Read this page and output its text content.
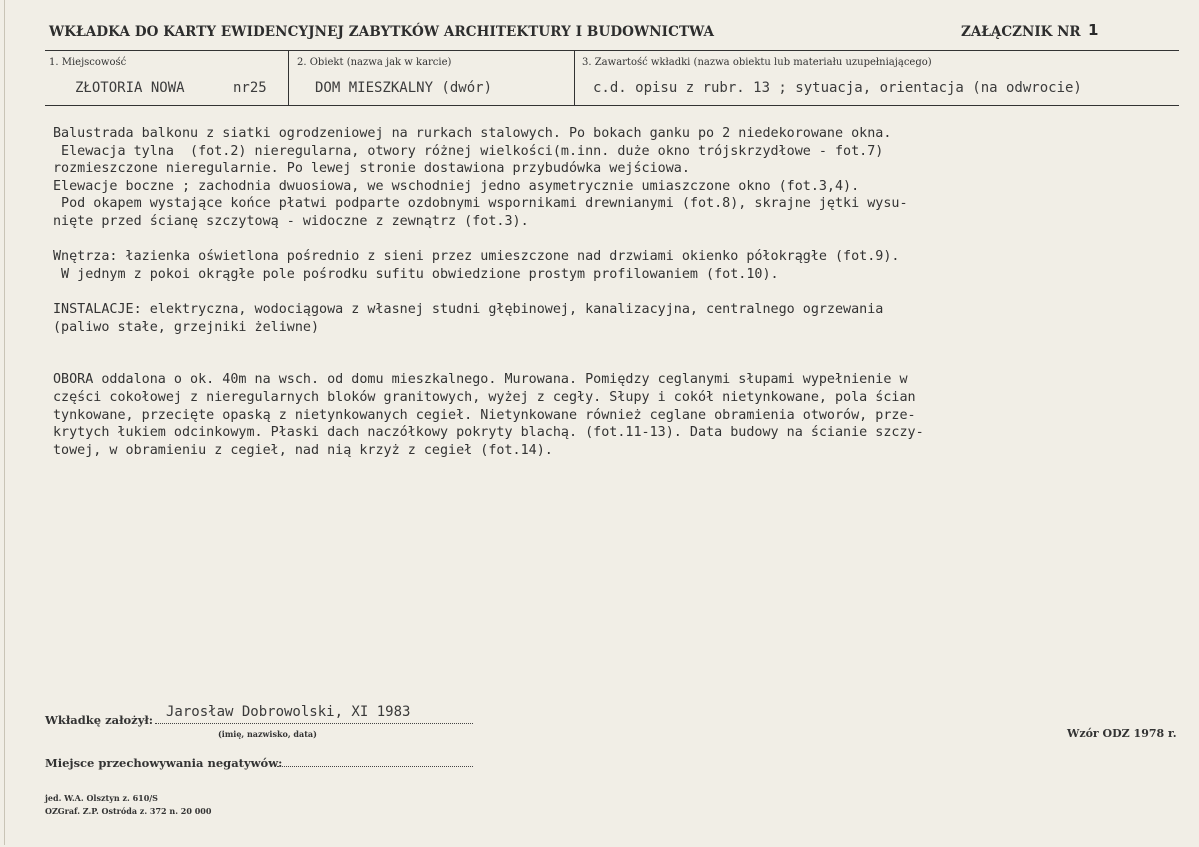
WKŁADKA DO KARTY EWIDENCYJNEJ ZABYTKÓW ARCHITEKTURY I BUDOWNICTWA	ZAŁĄCZNIK NR 1
1. Miejscowość
ZŁOTORIA NOWA	nr25
2. Obiekt (nazwa jak w karcie)
DOM MIESZKALNY (dwór)
3. Zawartość wkładki (nazwa obiektu lub materiału uzupełniającego)
c.d. opisu z rubr. 13 ; sytuacja, orientacja (na odwrocie)
Balustrada balkonu z siatki ogrodzeniowej na rurkach stalowych. Po bokach ganku po 2 niedekorowane okna.
Elewacja tylna  (fot.2) nieregularna, otwory różnej wielkości(m.inn. duże okno trójskrzydłowe - fot.7)
rozmieszczone nieregularnie. Po lewej stronie dostawiona przybudówka wejściowa.
Elewacje boczne ; zachodnia dwuosiowa, we wschodniej jedno asymetrycznie umiaszczone okno (fot.3,4).
Pod okapem wystające końce płatwi podparte ozdobnymi wspornikami drewnianymi (fot.8), skrajne jętki wysu-
nięte przed ścianę szczytową - widoczne z zewnątrz (fot.3).
Wnętrza: łazienka oświetlona pośrednio z sieni przez umieszczone nad drzwiami okienko półokrągłe (fot.9).
W jednym z pokoi okrągłe pole pośrodku sufitu obwiedzione prostym profilowaniem (fot.10).
INSTALACJE: elektryczna, wodociągowa z własnej studni głębinowej, kanalizacyjna, centralnego ogrzewania
(paliwo stałe, grzejniki żeliwne)
OBORA oddalona o ok. 40m na wsch. od domu mieszkalnego. Murowana. Pomiędzy ceglanymi słupami wypełnienie w
części cokołowej z nieregularnych bloków granitowych, wyżej z cegły. Słupy i cokół nietynkowane, pola ścian
tynkowane, przecięte opaską z nietynkowanych cegieł. Nietynkowane również ceglane obramienia otworów, prze-
krytych łukiem odcinkowym. Płaski dach naczółkowy pokryty blachą. (fot.11-13). Data budowy na ścianie szczy-
towej, w obramieniu z cegieł, nad nią krzyż z cegieł (fot.14).
Wkładkę założył: Jarosław Dobrowolski, XI 1983
(imię, nazwisko, data)	Wzór ODZ 1978 r.
Miejsce przechowywania negatywów:
jed. W.A. Olsztyn z. 610/S
OZGraf. Z.P. Ostróda z. 372 n. 20 000
